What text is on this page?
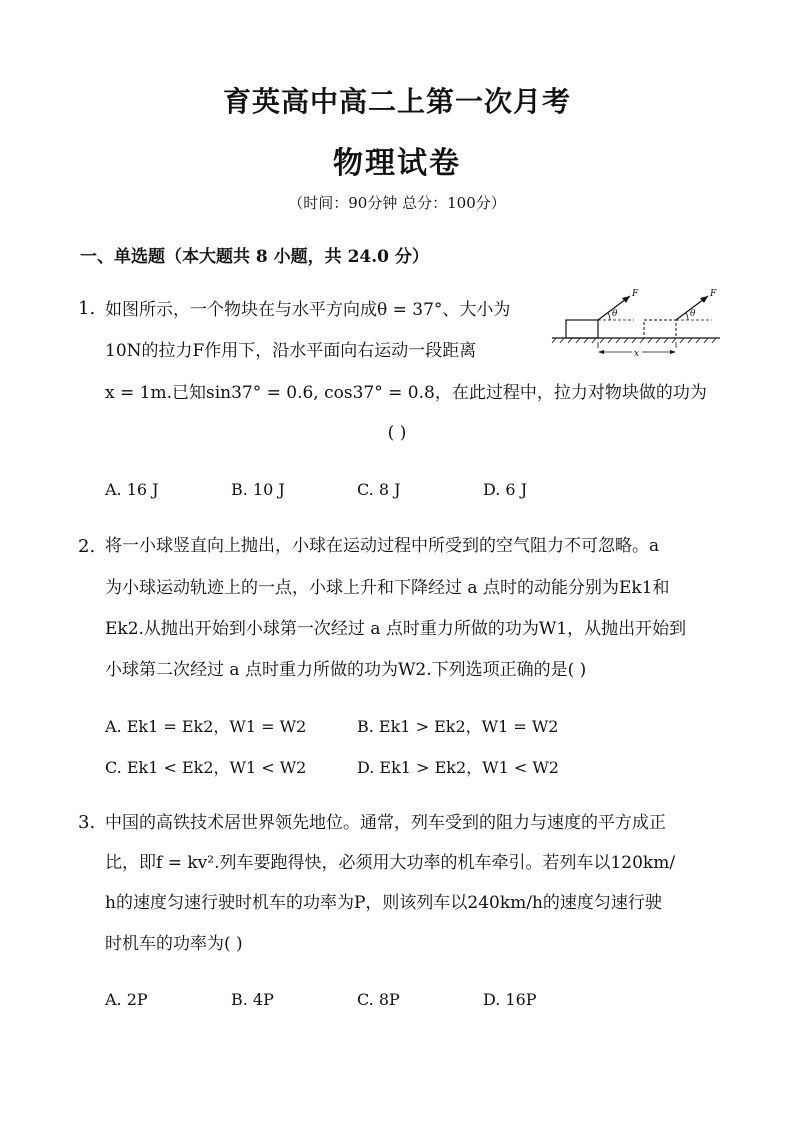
育英高中高二上第一次月考
物理试卷
（时间：90分钟 总分：100分）
一、单选题（本大题共 8 小题，共 24.0 分）
1. 如图所示，一个物块在与水平方向成θ = 37°、大小为
10N的拉力F作用下，沿水平面向右运动一段距离
x = 1m.已知sin37° = 0.6, cos37° = 0.8，在此过程中，拉力对物块做的功为
( )
θ
F
θ
F
x
A. 16 J	B. 10 J	C. 8 J	D. 6 J
2. 将一小球竖直向上抛出，小球在运动过程中所受到的空气阻力不可忽略。a
为小球运动轨迹上的一点，小球上升和下降经过 a 点时的动能分别为Ek1和
Ek2.从抛出开始到小球第一次经过 a 点时重力所做的功为W1，从抛出开始到
小球第二次经过 a 点时重力所做的功为W2.下列选项正确的是( )
A. Ek1 = Ek2，W1 = W2	B. Ek1 > Ek2，W1 = W2
C. Ek1 < Ek2，W1 < W2	D. Ek1 > Ek2，W1 < W2
3. 中国的高铁技术居世界领先地位。通常，列车受到的阻力与速度的平方成正
比，即f = kv².列车要跑得快，必须用大功率的机车牵引。若列车以120km/
h的速度匀速行驶时机车的功率为P，则该列车以240km/h的速度匀速行驶
时机车的功率为( )
A. 2P	B. 4P	C. 8P	D. 16P
